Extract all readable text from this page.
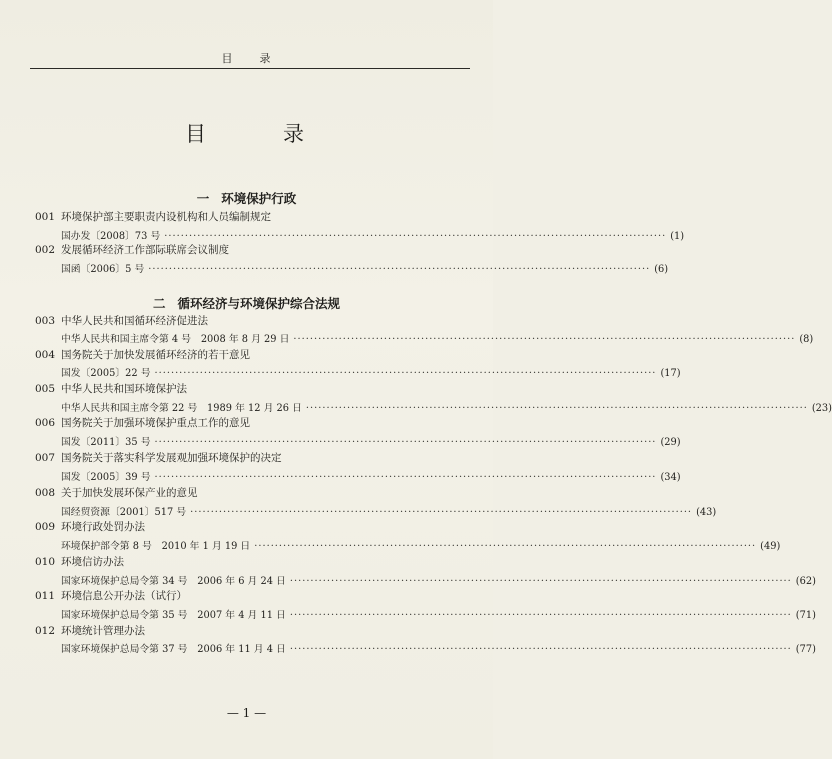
目　录
目　录
一 环境保护行政
001 环境保护部主要职责内设机构和人员编制规定
国办发〔2008〕73 号 ·························································································································· (1)
002 发展循环经济工作部际联席会议制度
国函〔2006〕5 号 ·························································································································· (6)
二 循环经济与环境保护综合法规
003 中华人民共和国循环经济促进法
中华人民共和国主席令第 4 号　2008 年 8 月 29 日 ·························································································································· (8)
004 国务院关于加快发展循环经济的若干意见
国发〔2005〕22 号 ·························································································································· (17)
005 中华人民共和国环境保护法
中华人民共和国主席令第 22 号　1989 年 12 月 26 日 ·························································································································· (23)
006 国务院关于加强环境保护重点工作的意见
国发〔2011〕35 号 ·························································································································· (29)
007 国务院关于落实科学发展观加强环境保护的决定
国发〔2005〕39 号 ·························································································································· (34)
008 关于加快发展环保产业的意见
国经贸资源〔2001〕517 号 ·························································································································· (43)
009 环境行政处罚办法
环境保护部令第 8 号　2010 年 1 月 19 日 ·························································································································· (49)
010 环境信访办法
国家环境保护总局令第 34 号　2006 年 6 月 24 日 ·························································································································· (62)
011 环境信息公开办法（试行）
国家环境保护总局令第 35 号　2007 年 4 月 11 日 ·························································································································· (71)
012 环境统计管理办法
国家环境保护总局令第 37 号　2006 年 11 月 4 日 ·························································································································· (77)
— 1 —
